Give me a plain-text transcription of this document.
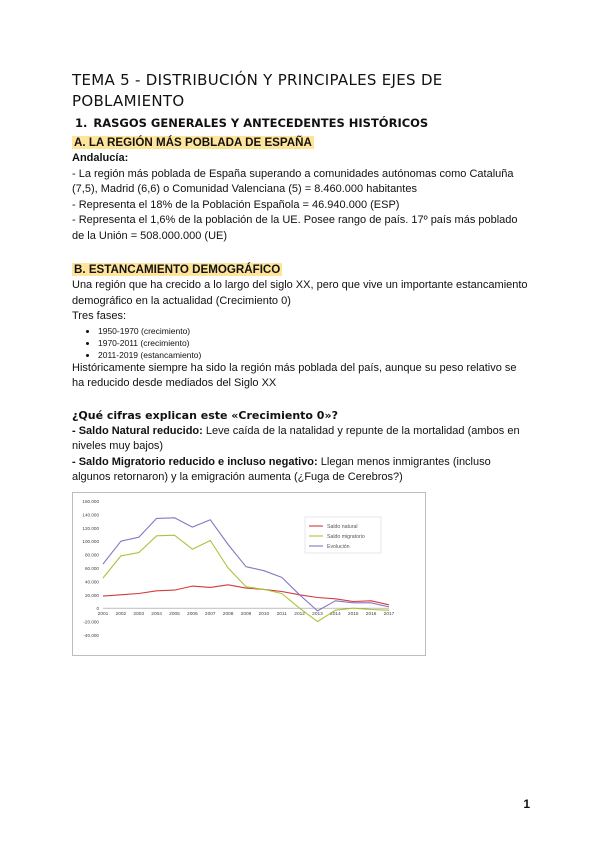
TEMA 5 - DISTRIBUCIÓN Y PRINCIPALES EJES DE POBLAMIENTO
1. RASGOS GENERALES Y ANTECEDENTES HISTÓRICOS
A. LA REGIÓN MÁS POBLADA DE ESPAÑA

Andalucía:

- La región más poblada de España superando a comunidades autónomas como Cataluña (7,5), Madrid (6,6) o Comunidad Valenciana (5) = 8.460.000 habitantes

- Representa el 18% de la Población Española = 46.940.000 (ESP)

- Representa el 1,6% de la población de la UE. Posee rango de país. 17º país más poblado de la Unión = 508.000.000 (UE)

B. ESTANCAMIENTO DEMOGRÁFICO

Una región que ha crecido a lo largo del siglo XX, pero que vive un importante estancamiento demográfico en la actualidad (Crecimiento 0)

Tres fases:

• 1950-1970 (crecimiento)
• 1970-2011 (crecimiento)
• 2011-2019 (estancamiento)

Históricamente siempre ha sido la región más poblada del país, aunque su peso relativo se ha reducido desde mediados del Siglo XX

¿Qué cifras explican este «Crecimiento 0»?

- Saldo Natural reducido: Leve caída de la natalidad y repunte de la mortalidad (ambos en niveles muy bajos)

- Saldo Migratorio reducido e incluso negativo: Llegan menos inmigrantes (incluso algunos retornaron) y la emigración aumenta (¿Fuga de Cerebros?)

160.000
140.000
120.000
100.000
80.000
60.000
40.000
20.000
0
-20.000
-40.000
2001 2002 2003 2004 2005 2006 2007 2008 2009 2010 2011 2012 2013 2014 2015 2016 2017
Saldo natural
Saldo migratorio
Evolución
1
